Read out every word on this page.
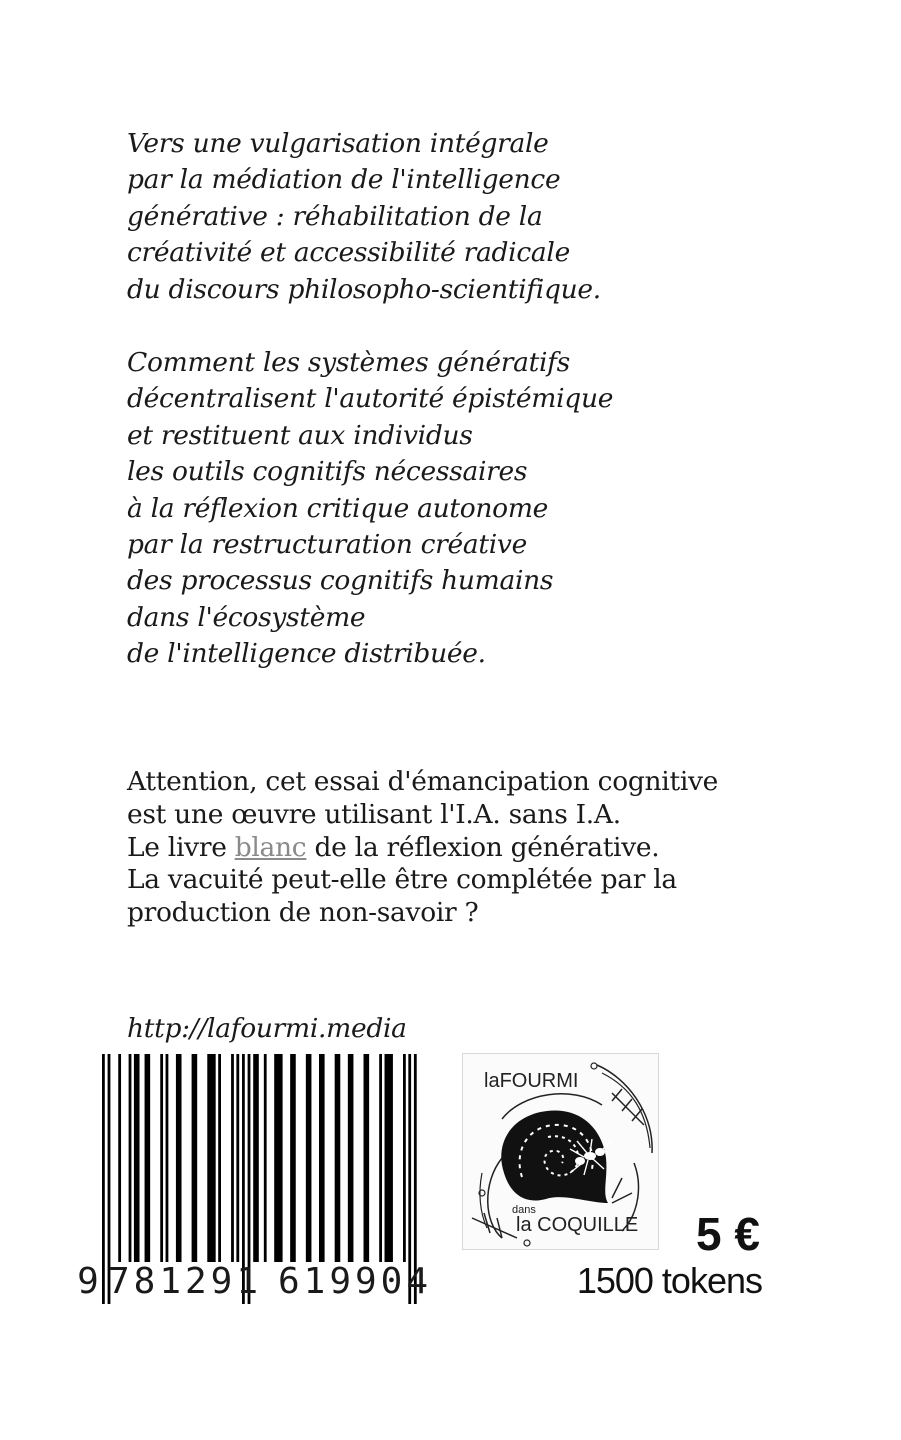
Vers une vulgarisation intégrale
par la médiation de l'intelligence
générative : réhabilitation de la
créativité et accessibilité radicale
du discours philosopho-scientifique.
Comment les systèmes génératifs
décentralisent l'autorité épistémique
et restituent aux individus
les outils cognitifs nécessaires
à la réflexion critique autonome
par la restructuration créative
des processus cognitifs humains
dans l'écosystème
de l'intelligence distribuée.
Attention, cet essai d'émancipation cognitive
est une œuvre utilisant l'I.A. sans I.A.
Le livre blanc de la réflexion générative.
La vacuité peut-elle être complétée par la
production de non-savoir ?
http://lafourmi.media
9 781291 619904
laFOURMI
dans
la COQUILLE	5 €
1500 tokens
